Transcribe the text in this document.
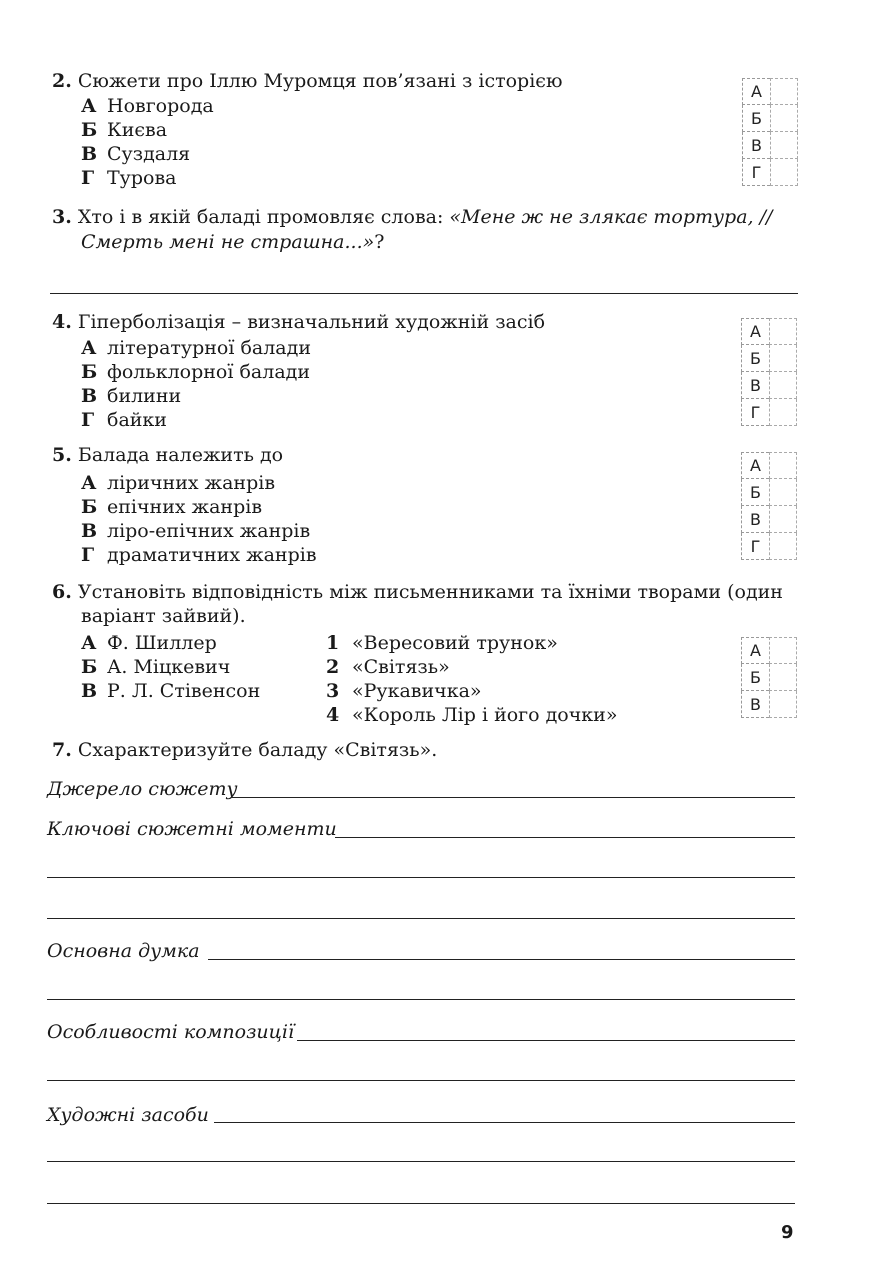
2. Сюжети про Іллю Муромця пов’язані з історією
А Новгорода
Б Києва
В Суздаля
Г Турова
А
Б
В
Г
3. Хто і в якій баладі промовляє слова: «Мене ж не злякає тортура, //
Смерть мені не страшна...»?
4. Гіперболізація – визначальний художній засіб
А літературної балади
Б фольклорної балади
В билини
Г байки
А
Б
В
Г
5. Балада належить до
А ліричних жанрів
Б епічних жанрів
В ліро-епічних жанрів
Г драматичних жанрів
А
Б
В
Г
6. Установіть відповідність між письменниками та їхніми творами (один
варіант зайвий).
А Ф. Шиллер
Б А. Міцкевич
В Р. Л. Стівенсон
1 «Вересовий трунок»
2 «Світязь»
3 «Рукавичка»
4 «Король Лір і його дочки»
А
Б
В
7. Схарактеризуйте баладу «Світязь».
Джерело сюжету
Ключові сюжетні моменти
Основна думка
Особливості композиції
Художні засоби
9
